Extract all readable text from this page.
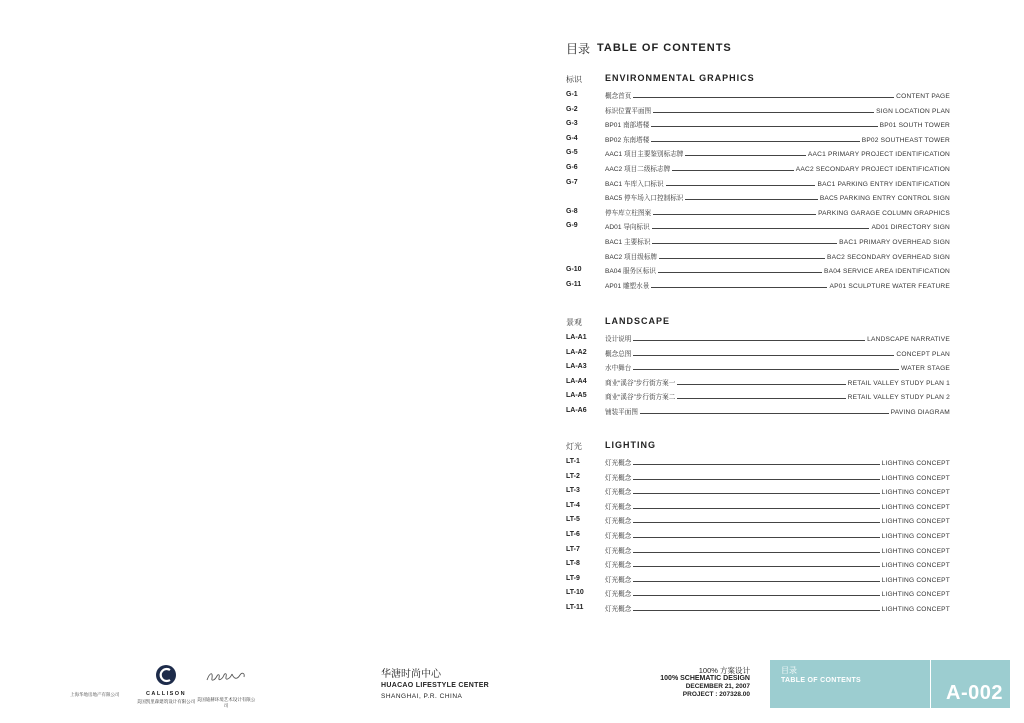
目录 TABLE OF CONTENTS
标识	ENVIRONMENTAL GRAPHICS
G-1	概念首页	CONTENT PAGE
G-2	标识位置平面图	SIGN LOCATION PLAN
G-3	BP01 南部塔楼	BP01 SOUTH TOWER
G-4	BP02 东南塔楼	BP02 SOUTHEAST TOWER
G-5	AAC1 项目主要鉴别标志牌	AAC1 PRIMARY PROJECT IDENTIFICATION
G-6	AAC2 项目二级标志牌	AAC2 SECONDARY PROJECT IDENTIFICATION
G-7	BAC1 车库入口标识	BAC1 PARKING ENTRY IDENTIFICATION
BAC5 停车场入口控制标识	BAC5 PARKING ENTRY CONTROL SIGN
G-8	停车库立柱图案	PARKING GARAGE COLUMN GRAPHICS
G-9	AD01 导向标识	AD01 DIRECTORY SIGN
BAC1 主要标识	BAC1 PRIMARY OVERHEAD SIGN
BAC2 项目级标牌	BAC2 SECONDARY OVERHEAD SIGN
G-10	BA04 服务区标识	BA04 SERVICE AREA IDENTIFICATION
G-11	AP01 雕塑水景	AP01 SCULPTURE WATER FEATURE
景观	LANDSCAPE
LA-A1	设计说明	LANDSCAPE NARRATIVE
LA-A2	概念总图	CONCEPT PLAN
LA-A3	水中舞台	WATER STAGE
LA-A4	商业“溪谷”步行街方案一	RETAIL VALLEY STUDY PLAN 1
LA-A5	商业“溪谷”步行街方案二	RETAIL VALLEY STUDY PLAN 2
LA-A6	铺装平面图	PAVING DIAGRAM
灯光	LIGHTING
LT-1	灯光概念	LIGHTING CONCEPT
LT-2	灯光概念	LIGHTING CONCEPT
LT-3	灯光概念	LIGHTING CONCEPT
LT-4	灯光概念	LIGHTING CONCEPT
LT-5	灯光概念	LIGHTING CONCEPT
LT-6	灯光概念	LIGHTING CONCEPT
LT-7	灯光概念	LIGHTING CONCEPT
LT-8	灯光概念	LIGHTING CONCEPT
LT-9	灯光概念	LIGHTING CONCEPT
LT-10	灯光概念	LIGHTING CONCEPT
LT-11	灯光概念	LIGHTING CONCEPT
上海华地房地产有限公司	CALLISON
美国凯里森建筑设计有限公司 美国迪赫环境艺术设计有限公司
华溏时尚中心
HUACAO LIFESTYLE CENTER
SHANGHAI, P.R. CHINA
100% 方案设计
100% SCHEMATIC DESIGN
DECEMBER 21, 2007
PROJECT : 207328.00
目录
TABLE OF CONTENTS
A-002
